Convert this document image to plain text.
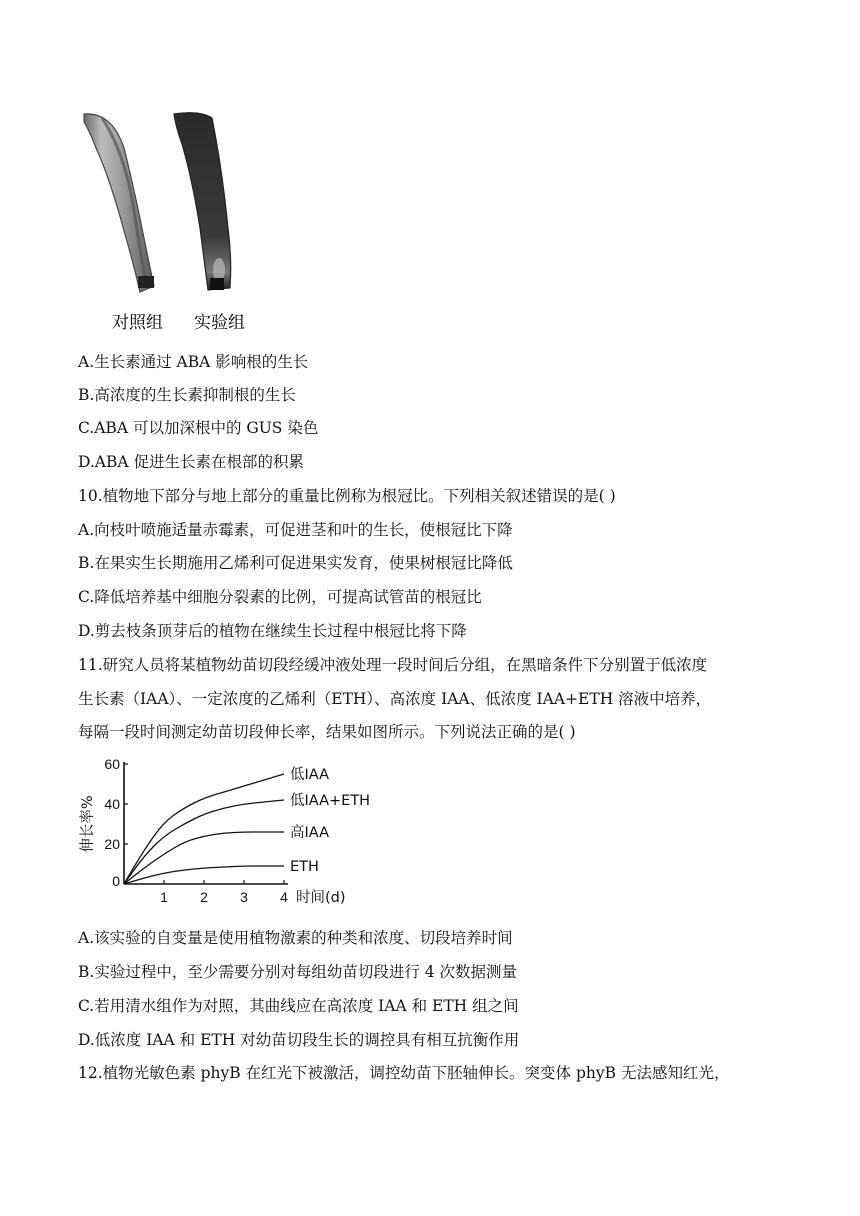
对照组 实验组
A.生长素通过 ABA 影响根的生长
B.高浓度的生长素抑制根的生长
C.ABA 可以加深根中的 GUS 染色
D.ABA 促进生长素在根部的积累
10.植物地下部分与地上部分的重量比例称为根冠比。下列相关叙述错误的是( )
A.向枝叶喷施适量赤霉素，可促进茎和叶的生长，使根冠比下降
B.在果实生长期施用乙烯利可促进果实发育，使果树根冠比降低
C.降低培养基中细胞分裂素的比例，可提高试管苗的根冠比
D.剪去枝条顶芽后的植物在继续生长过程中根冠比将下降
11.研究人员将某植物幼苗切段经缓冲液处理一段时间后分组，在黑暗条件下分别置于低浓度
生长素（IAA）、一定浓度的乙烯利（ETH）、高浓度 IAA、低浓度 IAA+ETH 溶液中培养，
每隔一段时间测定幼苗切段伸长率，结果如图所示。下列说法正确的是( )
0
20
40
60
1 2 3 4 时间(d)
伸长率%
低IAA
低IAA+ETH
高IAA
ETH
A.该实验的自变量是使用植物激素的种类和浓度、切段培养时间
B.实验过程中，至少需要分别对每组幼苗切段进行 4 次数据测量
C.若用清水组作为对照，其曲线应在高浓度 IAA 和 ETH 组之间
D.低浓度 IAA 和 ETH 对幼苗切段生长的调控具有相互抗衡作用
12.植物光敏色素 phyB 在红光下被激活，调控幼苗下胚轴伸长。突变体 phyB 无法感知红光，
